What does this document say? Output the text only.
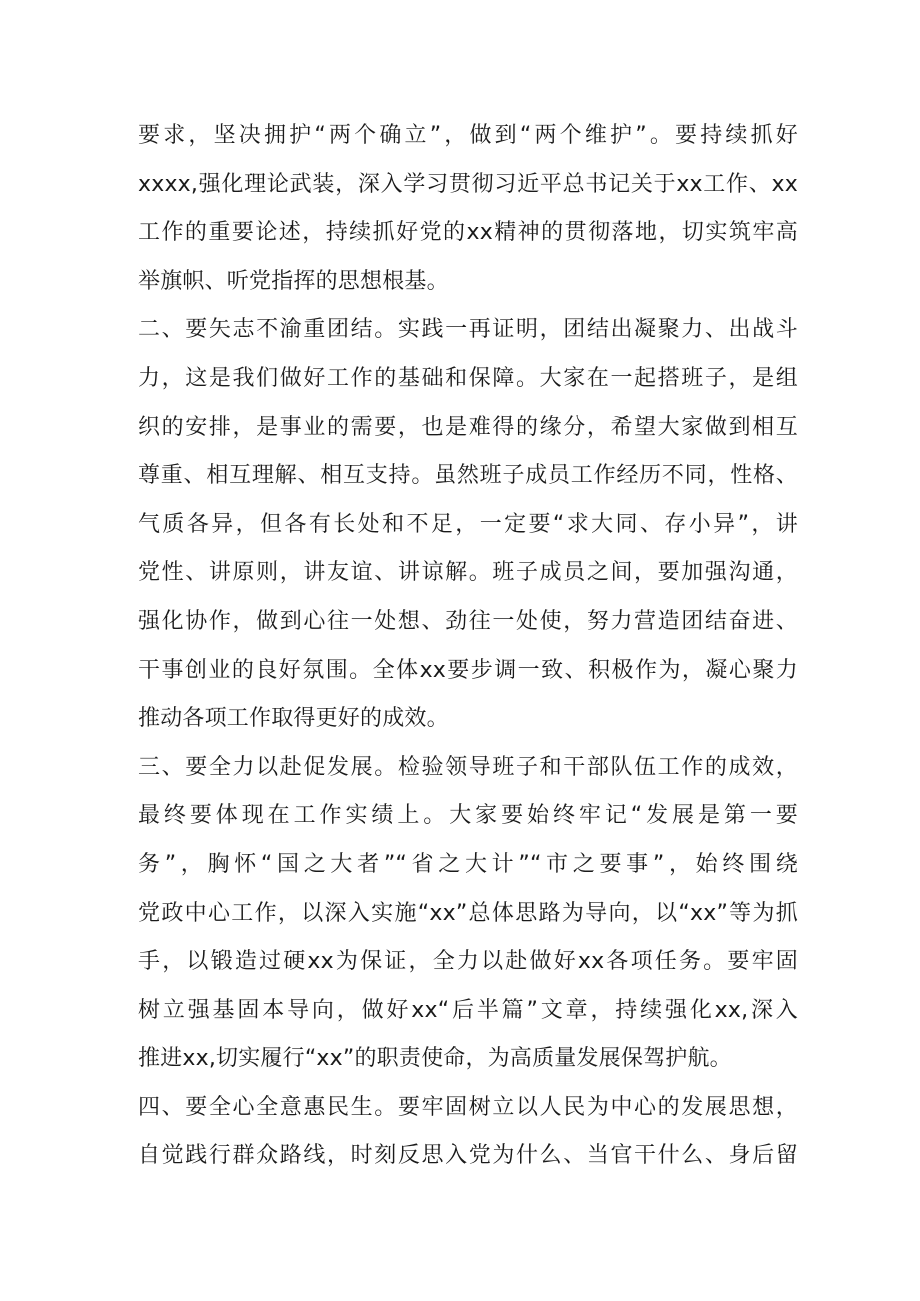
要求，坚决拥护“两个确立”，做到“两个维护”。要持续抓好
xxxx,强化理论武装，深入学习贯彻习近平总书记关于xx工作、xx
工作的重要论述，持续抓好党的xx精神的贯彻落地，切实筑牢高
举旗帜、听党指挥的思想根基。
二、要矢志不渝重团结。实践一再证明，团结出凝聚力、出战斗
力，这是我们做好工作的基础和保障。大家在一起搭班子，是组
织的安排，是事业的需要，也是难得的缘分，希望大家做到相互
尊重、相互理解、相互支持。虽然班子成员工作经历不同，性格、
气质各异，但各有长处和不足，一定要“求大同、存小异”，讲
党性、讲原则，讲友谊、讲谅解。班子成员之间，要加强沟通，
强化协作，做到心往一处想、劲往一处使，努力营造团结奋进、
干事创业的良好氛围。全体xx要步调一致、积极作为，凝心聚力
推动各项工作取得更好的成效。
三、要全力以赴促发展。检验领导班子和干部队伍工作的成效，
最终要体现在工作实绩上。大家要始终牢记“发展是第一要
务”，胸怀“国之大者”“省之大计”“市之要事”，始终围绕
党政中心工作，以深入实施“xx”总体思路为导向，以“xx”等为抓
手，以锻造过硬xx为保证，全力以赴做好xx各项任务。要牢固
树立强基固本导向，做好xx“后半篇”文章，持续强化xx,深入
推进xx,切实履行“xx”的职责使命，为高质量发展保驾护航。
四、要全心全意惠民生。要牢固树立以人民为中心的发展思想，
自觉践行群众路线，时刻反思入党为什么、当官干什么、身后留
